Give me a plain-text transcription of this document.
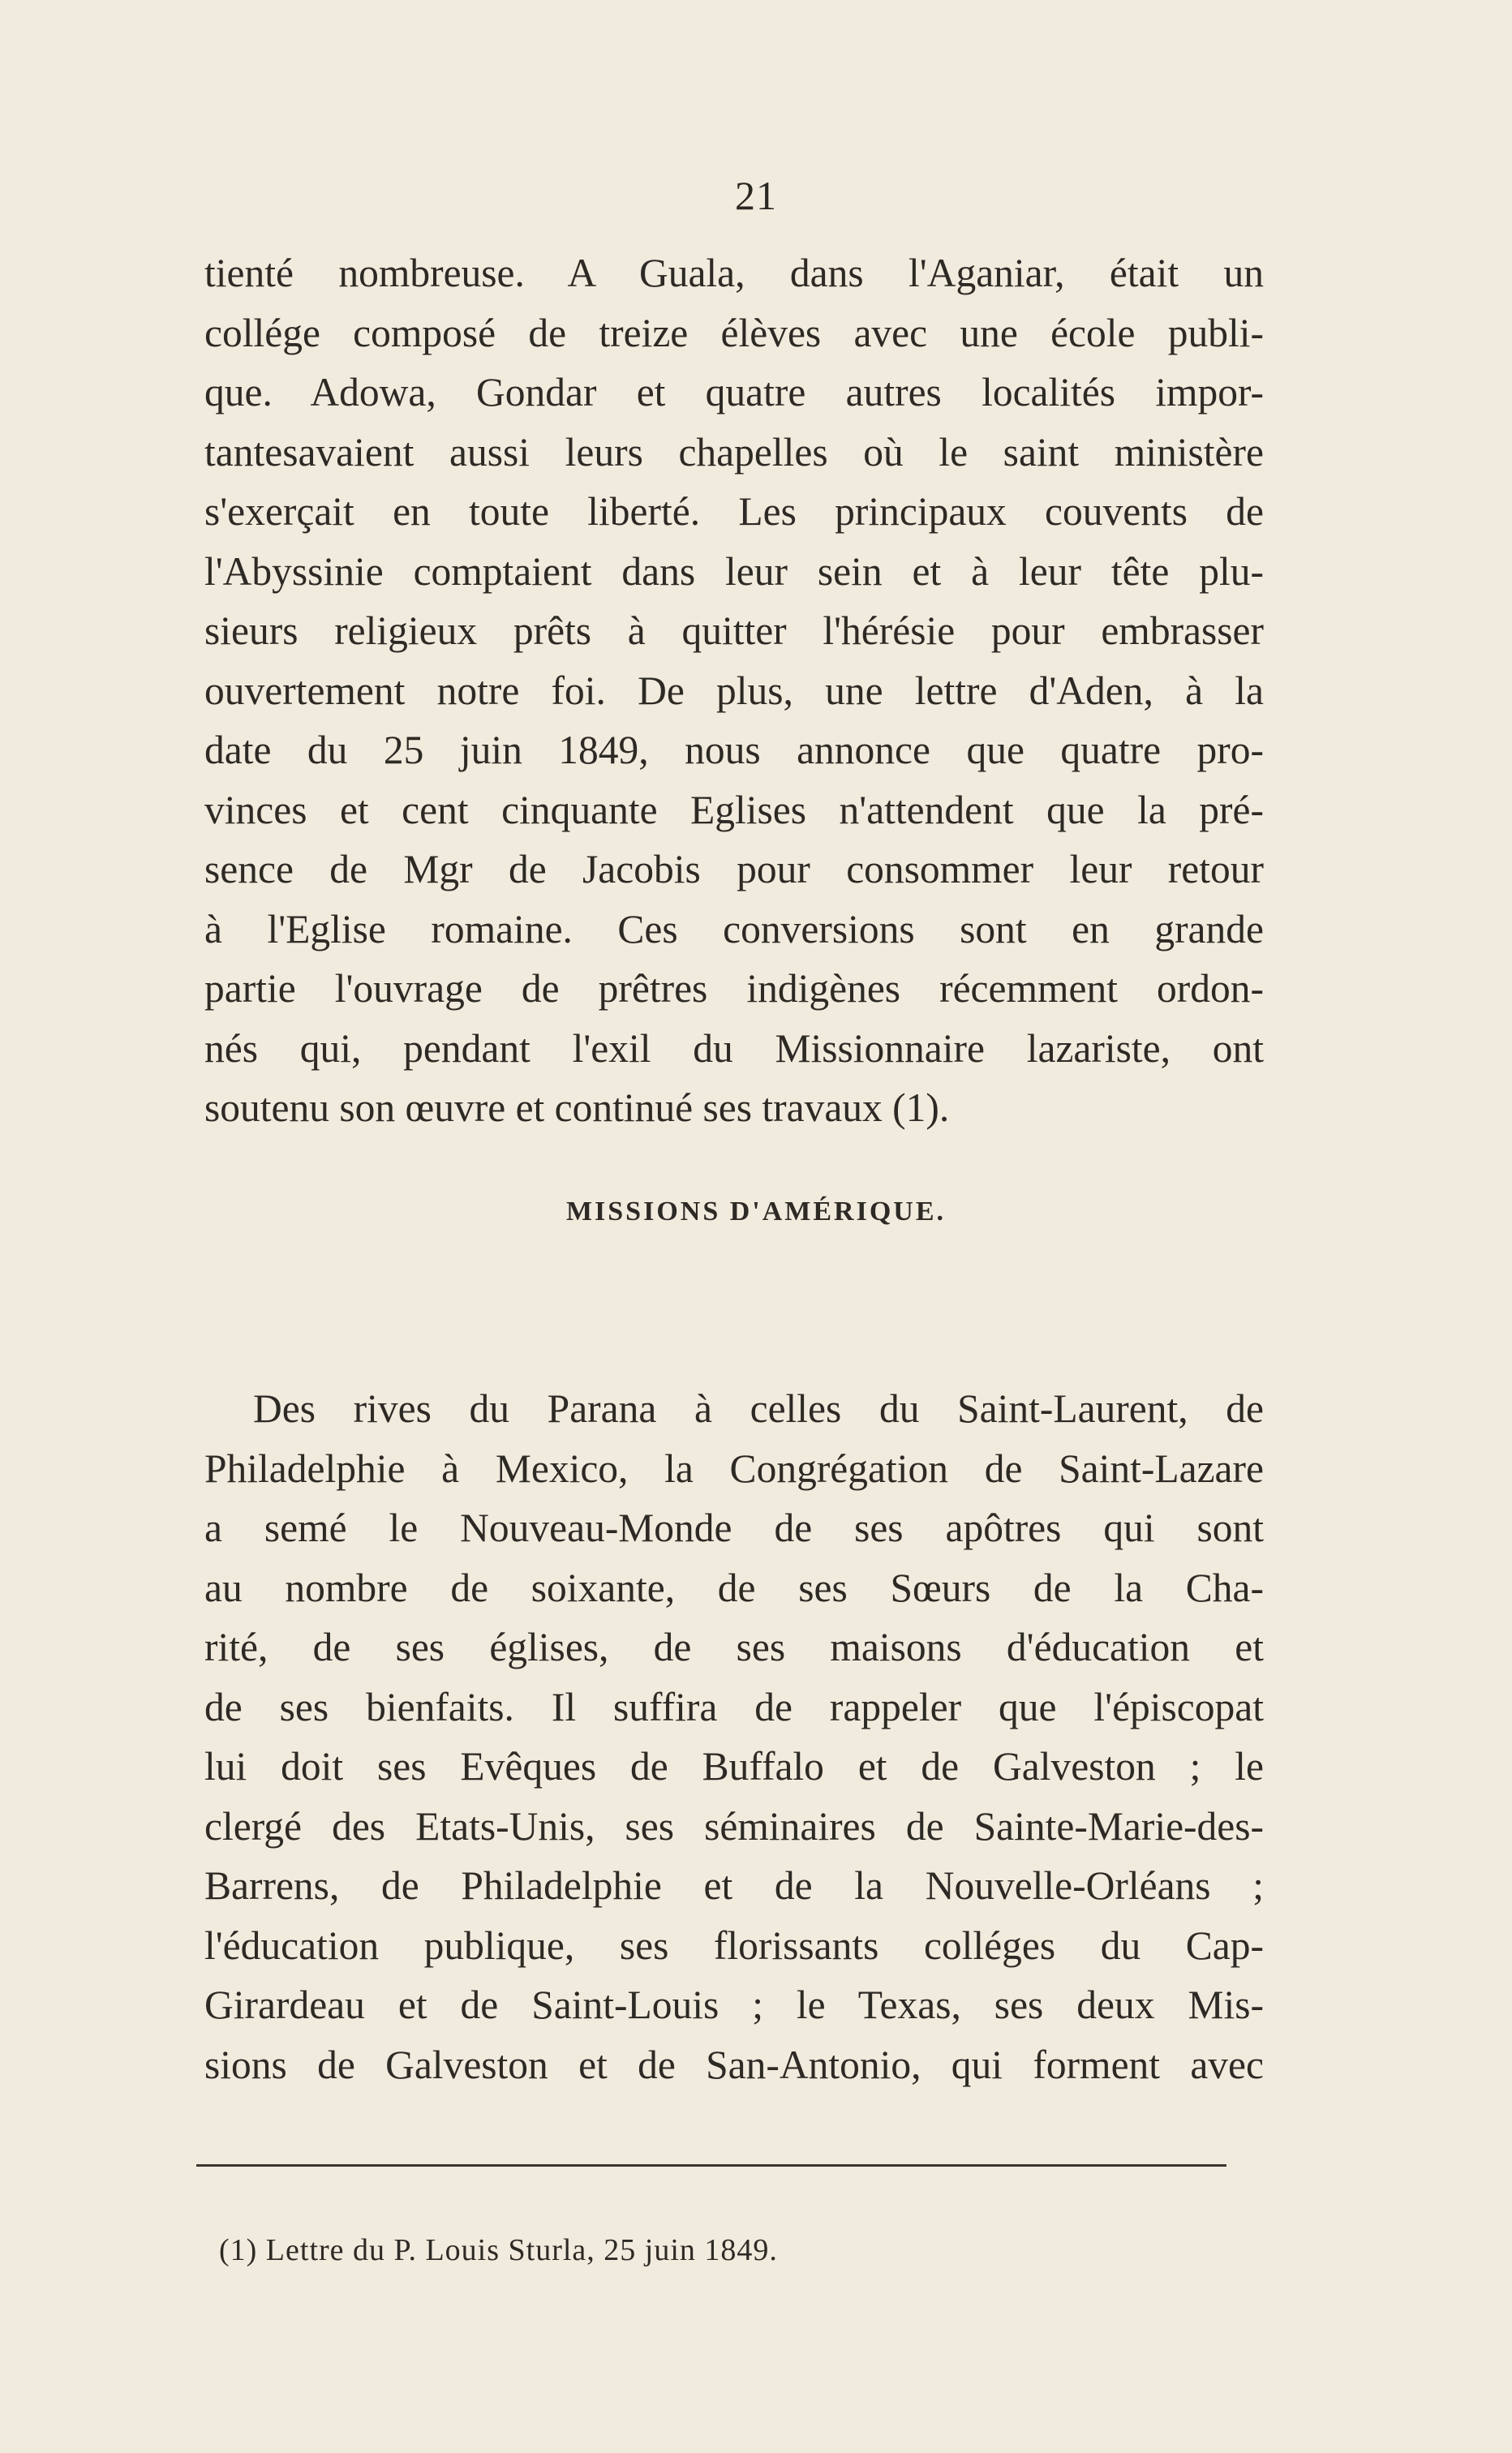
21
tienté nombreuse. A Guala, dans l'Aganiar, était un
collége composé de treize élèves avec une école publi-
que. Adowa, Gondar et quatre autres localités impor-
tantesavaient aussi leurs chapelles où le saint ministère
s'exerçait en toute liberté. Les principaux couvents de
l'Abyssinie comptaient dans leur sein et à leur tête plu-
sieurs religieux prêts à quitter l'hérésie pour embrasser
ouvertement notre foi. De plus, une lettre d'Aden, à la
date du 25 juin 1849, nous annonce que quatre pro-
vinces et cent cinquante Eglises n'attendent que la pré-
sence de Mgr de Jacobis pour consommer leur retour
à l'Eglise romaine. Ces conversions sont en grande
partie l'ouvrage de prêtres indigènes récemment ordon-
nés qui, pendant l'exil du Missionnaire lazariste, ont
soutenu son œuvre et continué ses travaux (1).
MISSIONS D'AMÉRIQUE.
Des rives du Parana à celles du Saint-Laurent, de
Philadelphie à Mexico, la Congrégation de Saint-Lazare
a semé le Nouveau-Monde de ses apôtres qui sont
au nombre de soixante, de ses Sœurs de la Cha-
rité, de ses églises, de ses maisons d'éducation et
de ses bienfaits. Il suffira de rappeler que l'épiscopat
lui doit ses Evêques de Buffalo et de Galveston ; le
clergé des Etats-Unis, ses séminaires de Sainte-Marie-des-
Barrens, de Philadelphie et de la Nouvelle-Orléans ;
l'éducation publique, ses florissants colléges du Cap-
Girardeau et de Saint-Louis ; le Texas, ses deux Mis-
sions de Galveston et de San-Antonio, qui forment avec
(1) Lettre du P. Louis Sturla, 25 juin 1849.
